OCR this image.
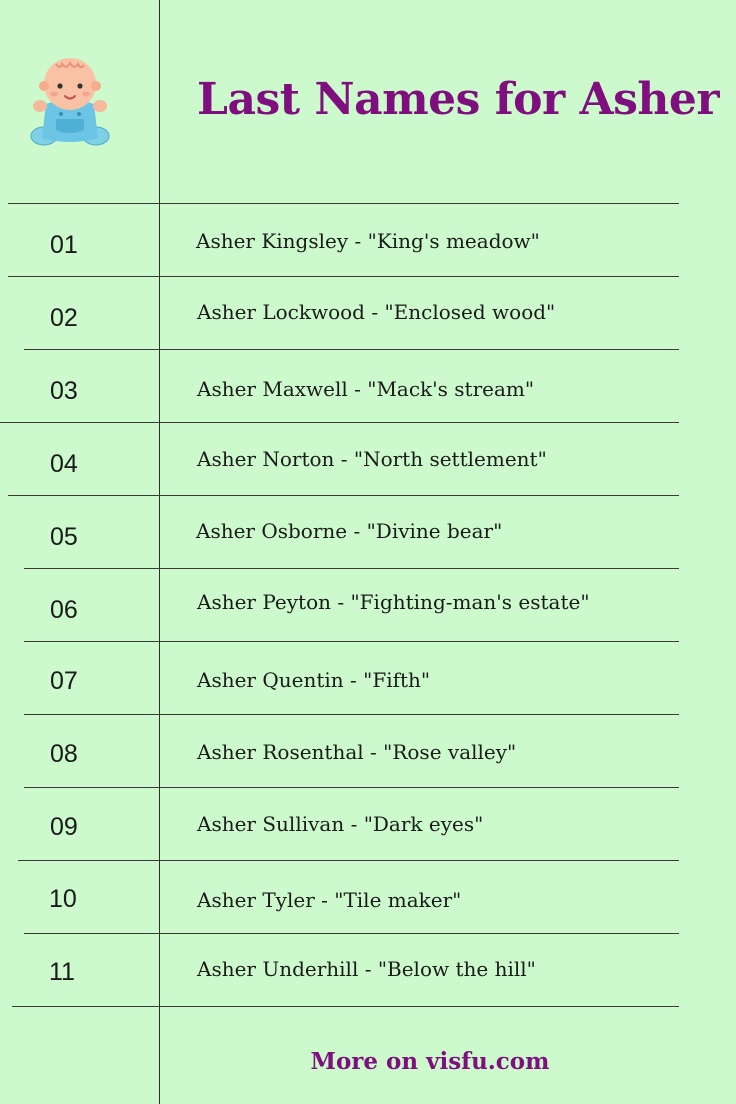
Last Names for Asher
01	Asher Kingsley - "King's meadow"
02	Asher Lockwood - "Enclosed wood"
03	Asher Maxwell - "Mack's stream"
04	Asher Norton - "North settlement"
05	Asher Osborne - "Divine bear"
06	Asher Peyton - "Fighting-man's estate"
07	Asher Quentin - "Fifth"
08	Asher Rosenthal - "Rose valley"
09	Asher Sullivan - "Dark eyes"
10	Asher Tyler - "Tile maker"
11	Asher Underhill - "Below the hill"
More on visfu.com
